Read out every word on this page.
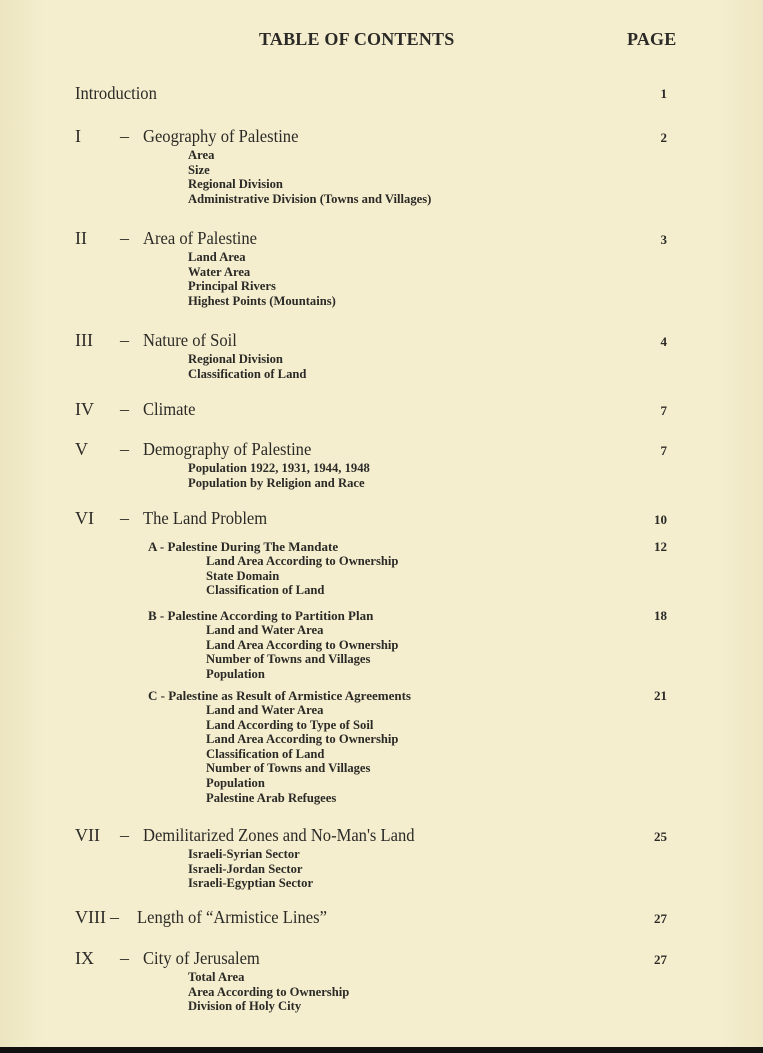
TABLE OF CONTENTS	PAGE
Introduction	1
I – Geography of Palestine	2
Area
Size
Regional Division
Administrative Division (Towns and Villages)
II – Area of Palestine	3
Land Area
Water Area
Principal Rivers
Highest Points (Mountains)
III – Nature of Soil	4
Regional Division
Classification of Land
IV – Climate	7
V – Demography of Palestine	7
Population 1922, 1931, 1944, 1948
Population by Religion and Race
VI – The Land Problem	10
A - Palestine During The Mandate	12
Land Area According to Ownership
State Domain
Classification of Land
B - Palestine According to Partition Plan	18
Land and Water Area
Land Area According to Ownership
Number of Towns and Villages
Population
C - Palestine as Result of Armistice Agreements	21
Land and Water Area
Land According to Type of Soil
Land Area According to Ownership
Classification of Land
Number of Towns and Villages
Population
Palestine Arab Refugees
VII – Demilitarized Zones and No-Man's Land	25
Israeli-Syrian Sector
Israeli-Jordan Sector
Israeli-Egyptian Sector
VIII – Length of “Armistice Lines”	27
IX – City of Jerusalem	27
Total Area
Area According to Ownership
Division of Holy City
